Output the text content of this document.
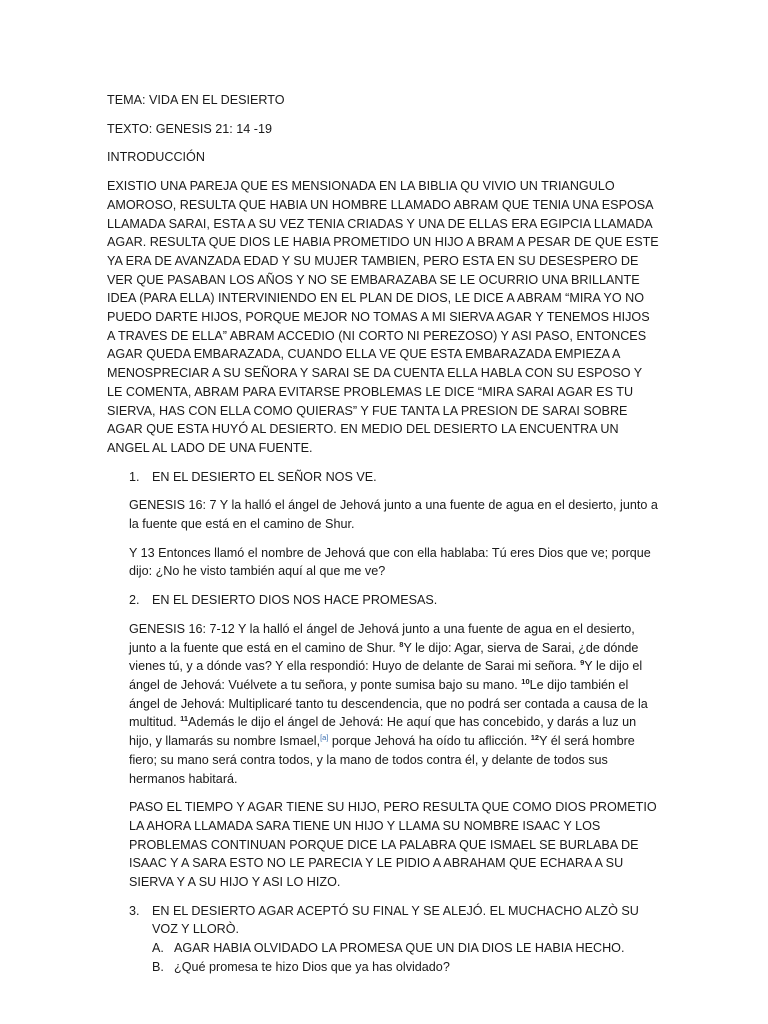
TEMA: VIDA EN EL DESIERTO

TEXTO: GENESIS 21: 14 -19

INTRODUCCIÓN

EXISTIO UNA PAREJA QUE ES MENSIONADA EN LA BIBLIA QU VIVIO UN TRIANGULO AMOROSO, RESULTA QUE HABIA UN HOMBRE LLAMADO ABRAM QUE TENIA UNA ESPOSA LLAMADA SARAI, ESTA A SU VEZ TENIA CRIADAS Y UNA DE ELLAS ERA EGIPCIA LLAMADA AGAR. RESULTA QUE DIOS LE HABIA PROMETIDO UN HIJO A BRAM A PESAR DE QUE ESTE YA ERA DE AVANZADA EDAD Y SU MUJER TAMBIEN, PERO ESTA EN SU DESESPERO DE VER QUE PASABAN LOS AÑOS Y NO SE EMBARAZABA SE LE OCURRIO UNA BRILLANTE IDEA (PARA ELLA) INTERVINIENDO EN EL PLAN DE DIOS, LE DICE A ABRAM “MIRA YO NO PUEDO DARTE HIJOS, PORQUE MEJOR NO TOMAS A MI SIERVA AGAR Y TENEMOS HIJOS A TRAVES DE ELLA” ABRAM ACCEDIO (NI CORTO NI PEREZOSO) Y ASI PASO, ENTONCES AGAR QUEDA EMBARAZADA, CUANDO ELLA VE QUE ESTA EMBARAZADA EMPIEZA A MENOSPRECIAR A SU SEÑORA Y SARAI SE DA CUENTA ELLA HABLA CON SU ESPOSO Y LE COMENTA, ABRAM PARA EVITARSE PROBLEMAS LE DICE “MIRA SARAI AGAR ES TU SIERVA, HAS CON ELLA COMO QUIERAS” Y FUE TANTA LA PRESION DE SARAI SOBRE AGAR QUE ESTA HUYÓ AL DESIERTO. EN MEDIO DEL DESIERTO LA ENCUENTRA UN ANGEL AL LADO DE UNA FUENTE.

1. EN EL DESIERTO EL SEÑOR NOS VE.

GENESIS 16: 7 Y la halló el ángel de Jehová junto a una fuente de agua en el desierto, junto a la fuente que está en el camino de Shur.

Y 13 Entonces llamó el nombre de Jehová que con ella hablaba: Tú eres Dios que ve; porque dijo: ¿No he visto también aquí al que me ve?

2. EN EL DESIERTO DIOS NOS HACE PROMESAS.

GENESIS 16: 7-12 Y la halló el ángel de Jehová junto a una fuente de agua en el desierto, junto a la fuente que está en el camino de Shur. $^8$Y le dijo: Agar, sierva de Sarai, ¿de dónde vienes tú, y a dónde vas? Y ella respondió: Huyo de delante de Sarai mi señora. $^9$Y le dijo el ángel de Jehová: Vuélvete a tu señora, y ponte sumisa bajo su mano. $^{10}$Le dijo también el ángel de Jehová: Multiplicaré tanto tu descendencia, que no podrá ser contada a causa de la multitud. $^{11}$Además le dijo el ángel de Jehová: He aquí que has concebido, y darás a luz un hijo, y llamarás su nombre Ismael,[a] porque Jehová ha oído tu aflicción. $^{12}$Y él será hombre fiero; su mano será contra todos, y la mano de todos contra él, y delante de todos sus hermanos habitará.

PASO EL TIEMPO Y AGAR TIENE SU HIJO, PERO RESULTA QUE COMO DIOS PROMETIO LA AHORA LLAMADA SARA TIENE UN HIJO Y LLAMA SU NOMBRE ISAAC Y LOS PROBLEMAS CONTINUAN PORQUE DICE LA PALABRA QUE ISMAEL SE BURLABA DE ISAAC Y A SARA ESTO NO LE PARECIA Y LE PIDIO A ABRAHAM QUE ECHARA A SU SIERVA Y A SU HIJO Y ASI LO HIZO.

3. EN EL DESIERTO AGAR ACEPTÓ SU FINAL Y SE ALEJÓ. EL MUCHACHO ALZÒ SU VOZ Y LLORÒ.
A. AGAR HABIA OLVIDADO LA PROMESA QUE UN DIA DIOS LE HABIA HECHO.
B. ¿Qué promesa te hizo Dios que ya has olvidado?
